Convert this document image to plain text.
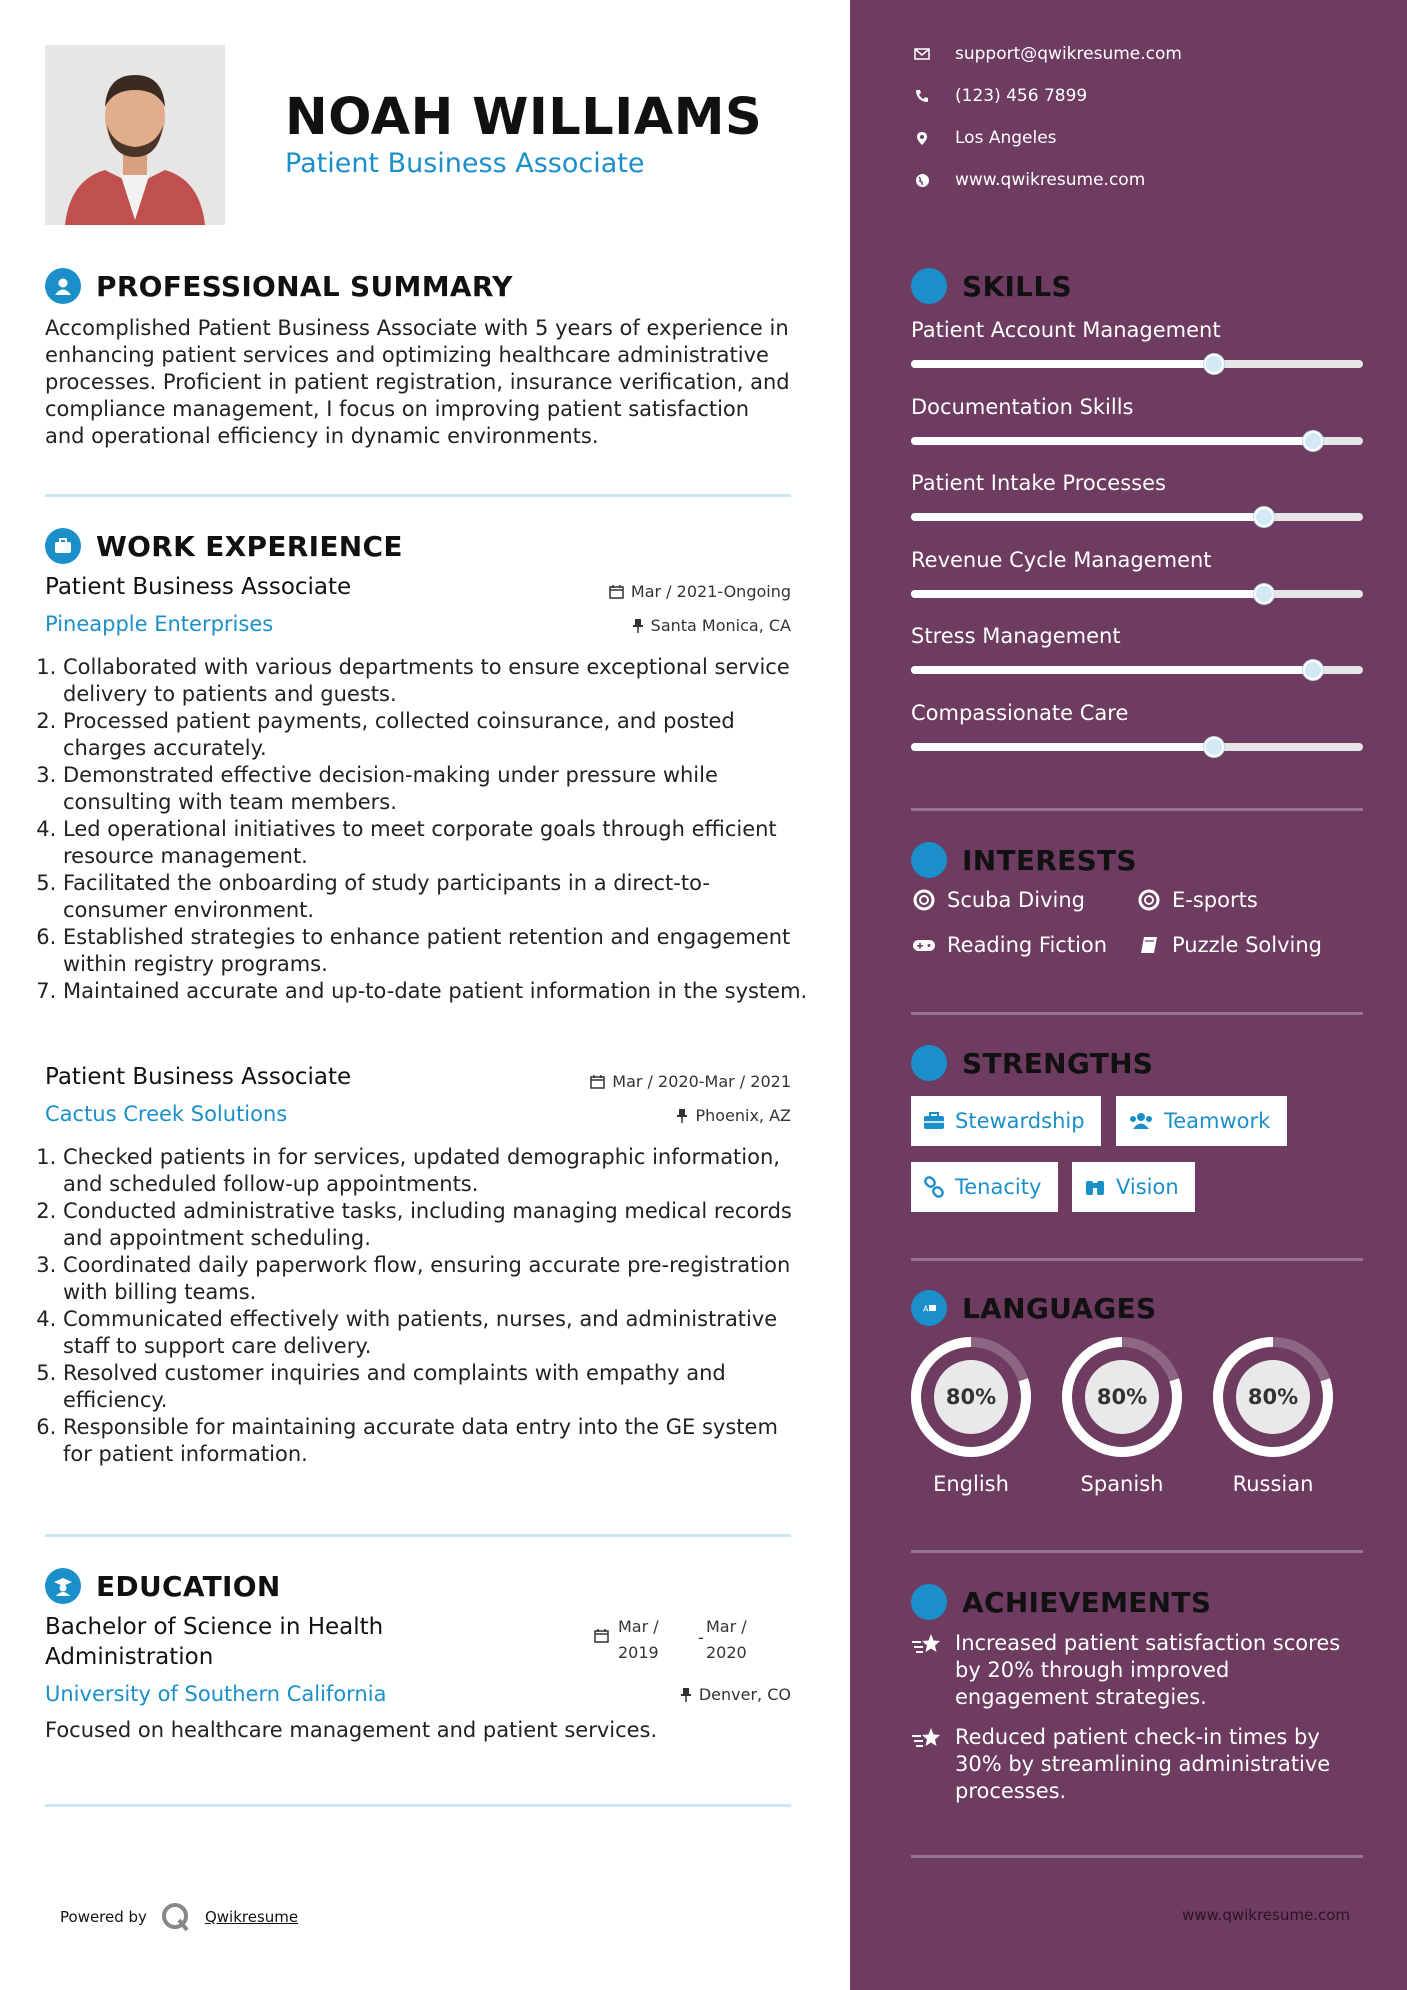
NOAH WILLIAMS
Patient Business Associate
PROFESSIONAL SUMMARY
Accomplished Patient Business Associate with 5 years of experience in enhancing patient services and optimizing healthcare administrative processes. Proficient in patient registration, insurance verification, and compliance management, I focus on improving patient satisfaction and operational efficiency in dynamic environments.
WORK EXPERIENCE
Patient Business Associate	Mar / 2021-Ongoing
Pineapple Enterprises	Santa Monica, CA
1. Collaborated with various departments to ensure exceptional service delivery to patients and guests.
2. Processed patient payments, collected coinsurance, and posted charges accurately.
3. Demonstrated effective decision-making under pressure while consulting with team members.
4. Led operational initiatives to meet corporate goals through efficient resource management.
5. Facilitated the onboarding of study participants in a direct-to-consumer environment.
6. Established strategies to enhance patient retention and engagement within registry programs.
7. Maintained accurate and up-to-date patient information in the system.
Patient Business Associate	Mar / 2020-Mar / 2021
Cactus Creek Solutions	Phoenix, AZ
1. Checked patients in for services, updated demographic information, and scheduled follow-up appointments.
2. Conducted administrative tasks, including managing medical records and appointment scheduling.
3. Coordinated daily paperwork flow, ensuring accurate pre-registration with billing teams.
4. Communicated effectively with patients, nurses, and administrative staff to support care delivery.
5. Resolved customer inquiries and complaints with empathy and efficiency.
6. Responsible for maintaining accurate data entry into the GE system for patient information.
EDUCATION
Bachelor of Science in Health
Administration
Mar /
2019
-
Mar /
2020
University of Southern California	Denver, CO
Focused on healthcare management and patient services.
Powered by	Qwikresume
support@qwikresume.com
(123) 456 7899
Los Angeles
www.qwikresume.com
SKILLS
Patient Account Management
Documentation Skills
Patient Intake Processes
Revenue Cycle Management
Stress Management
Compassionate Care
INTERESTS
Scuba Diving	E-sports
Reading Fiction	Puzzle Solving
STRENGTHS
Stewardship	Teamwork
Tenacity	Vision
A LANGUAGES
80%
English
80%
Spanish
80%
Russian
ACHIEVEMENTS
Increased patient satisfaction scores by 20% through improved engagement strategies.
Reduced patient check-in times by 30% by streamlining administrative processes.
www.qwikresume.com
